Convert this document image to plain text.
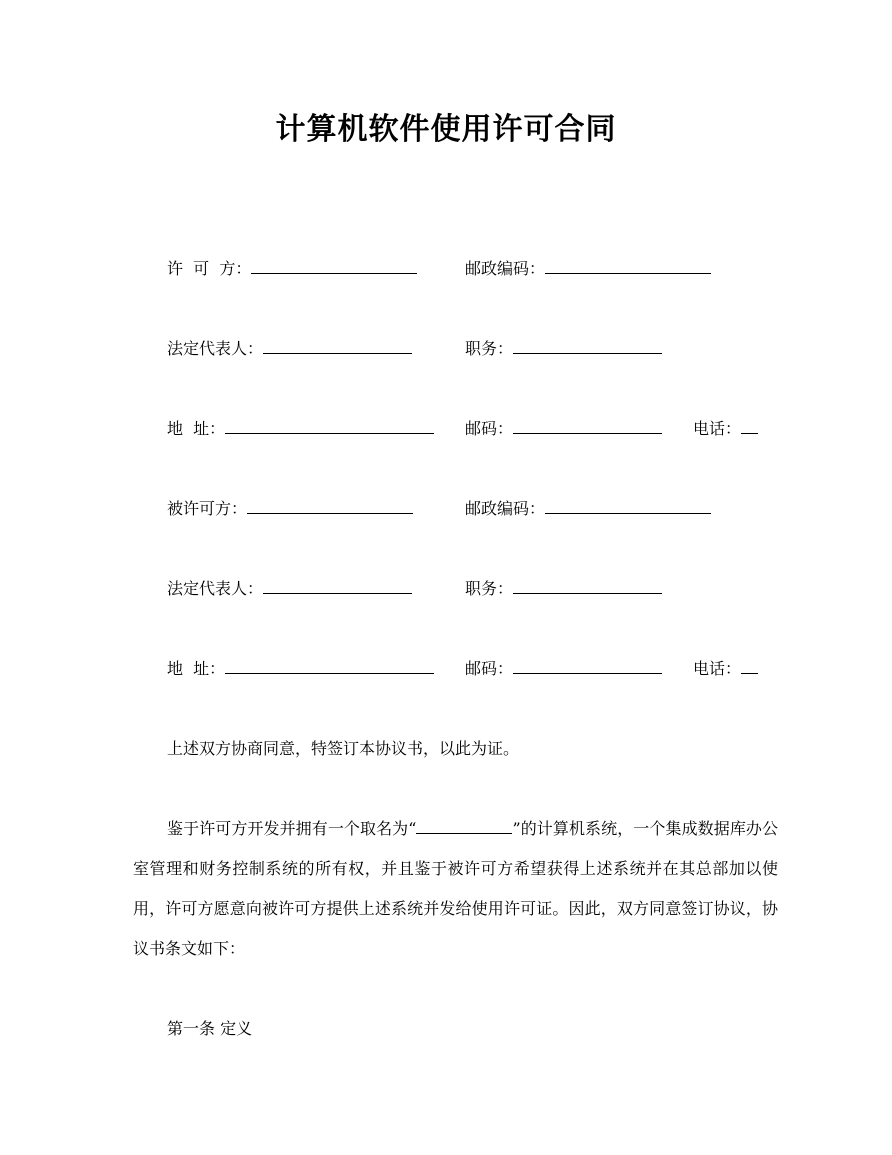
计算机软件使用许可合同
许  可  方：	邮政编码：
法定代表人：	职务：
地  址：	邮码：	电话：
被许可方：	邮政编码：
法定代表人：	职务：
地  址：	邮码：	电话：
上述双方协商同意，特签订本协议书，以此为证。
鉴于许可方开发并拥有一个取名为“	”的计算机系统，一个集成数据库办公室管理和财务控制系统的所有权，并且鉴于被许可方希望获得上述系统并在其总部加以使用，许可方愿意向被许可方提供上述系统并发给使用许可证。因此，双方同意签订协议，协议书条文如下：
第一条 定义
